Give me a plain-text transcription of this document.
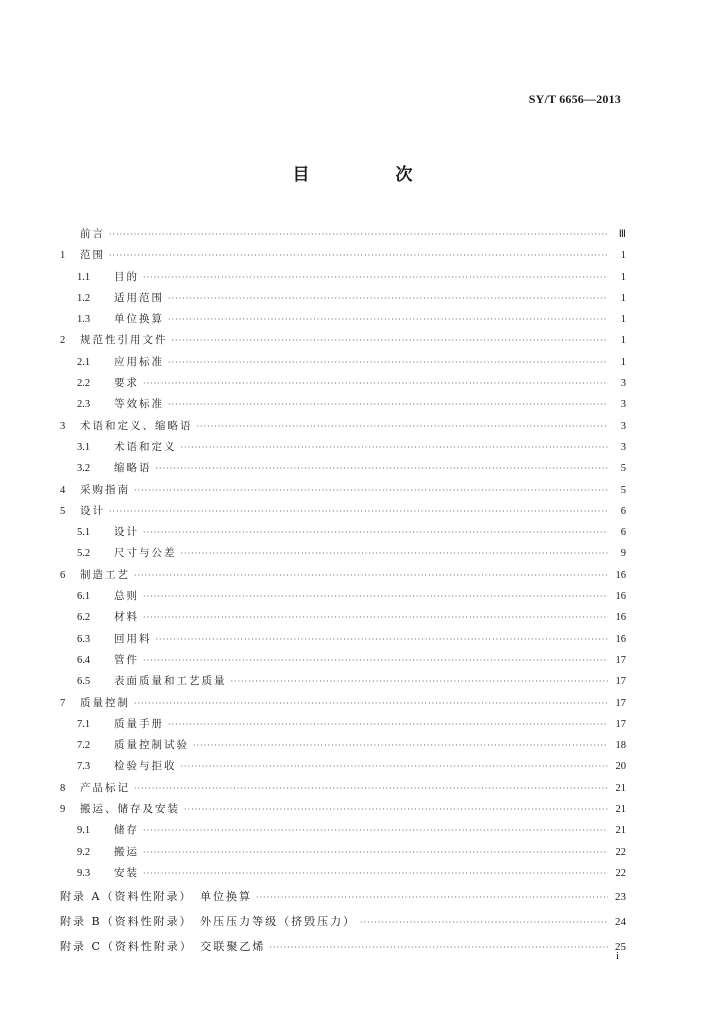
SY/T 6656—2013
目 次
前言 ·····	Ⅲ
1	范围 ·····	1
1.1	目的 ·····	1
1.2	适用范围 ·····	1
1.3	单位换算 ·····	1
2	规范性引用文件 ·····	1
2.1	应用标准 ·····	1
2.2	要求 ·····	3
2.3	等效标准 ·····	3
3	术语和定义、缩略语 ·····	3
3.1	术语和定义 ·····	3
3.2	缩略语 ·····	5
4	采购指南 ·····	5
5	设计 ·····	6
5.1	设计 ·····	6
5.2	尺寸与公差 ·····	9
6	制造工艺 ·····	16
6.1	总则 ·····	16
6.2	材料 ·····	16
6.3	回用料 ·····	16
6.4	管件 ·····	17
6.5	表面质量和工艺质量 ·····	17
7	质量控制 ·····	17
7.1	质量手册 ·····	17
7.2	质量控制试验 ·····	18
7.3	检验与拒收 ·····	20
8	产品标记 ·····	21
9	搬运、储存及安装 ·····	21
9.1	储存 ·····	21
9.2	搬运 ·····	22
9.3	安装 ·····	22
附录 A（资料性附录）　单位换算 ·····	23
附录 B（资料性附录）　外压压力等级（挤毁压力） ·····	24
附录 C（资料性附录）　交联聚乙烯 ·····	25
i
